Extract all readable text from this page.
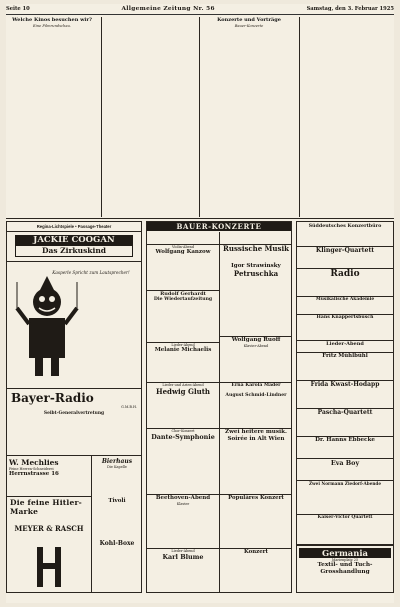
Seite 10	Allgemeine Zeitung Nr. 56	Samstag, den 3. Februar 1925
Welche Kinos besuchen wir?
Eine Filmrundschau.
Konzerte und Vorträge
Bauer-Konzerte
Regina-Lichtspiele • Passage-Theater
JACKIE COOGAN
Das Zirkuskind
Kasperle Spricht zum Lautsprecher!
Bayer-Radio
G.M.B.H.
Seibt-Generalvertretung
W. Mechlies
Feine Herren-Schneiderei
Herrnstrasse 16
Bierhaus
Die Kapelle
Die feine Hitler-Marke
MEYER & RASCH
Tivoli
Kohl-Boxe
BAUER-KONZERTE
Violin-Abend
Wolfgang Kanzow
Rudolf Gerhardt
Die Wiedertaufzeitung
Lieder-Abend
Melanie Michaelis
Lieder und Arien-Abend
Hedwig Gluth
Chor-Konzert
Dante-Symphonie
Beethoven-Abend
Klavier
Lieder-Abend
Karl Blume
Russische Musik
Igor Strawinsky
Petruschka
Wolfgang Ruoff
Klavier-Abend
Erna Karola Mader
August Schmid-Lindner
Zwei heitere musik. Soirée in Alt Wien
Populäres Konzert
Konzert
Süddeutsches Konzertbüro
Klinger-Quartett
Radio
Musikalische Akademie
Hans Knappertsbusch
Lieder-Abend
Fritz Mühlbühl
Frida Kwast-Hodapp
Pascha-Quartett
Dr. Hanns Ebbecke
Eva Boy
Zwei Normann Ziedorf-Abende
Kaiser-Victor Quartett
Germania
Marienplatz 25
Textil- und Tuch-Grosshandlung
